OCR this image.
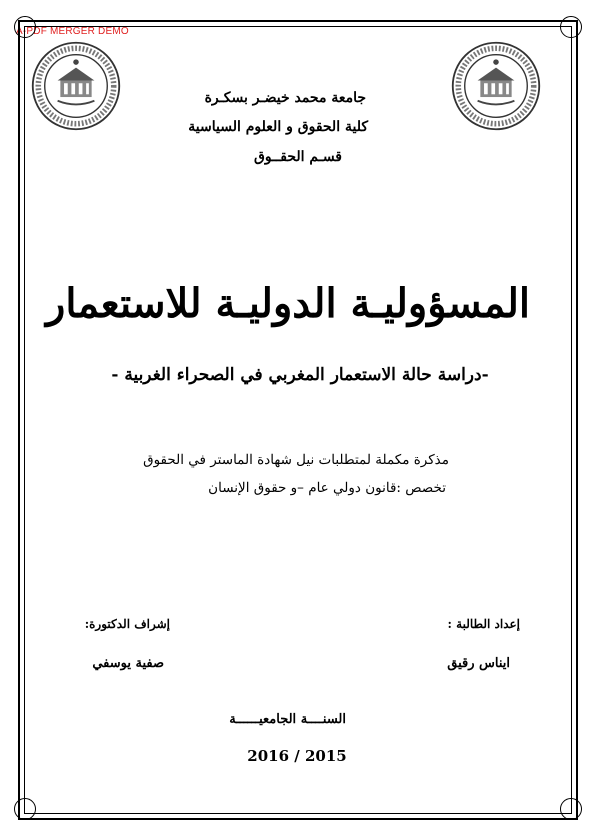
A-PDF MERGER DEMO
جامعة محمد خيضـر بسكـرة
كلية الحقوق و العلوم السياسية
قسـم الحقــوق
المسؤوليـة الدوليـة للاستعمار
-دراسة حالة الاستعمار المغربي في الصحراء الغربية -
مذكرة مكملة لمتطلبات نيل شهادة الماستر في الحقوق
تخصص :قانون دولي عام –و حقوق الإنسان
إعداد الطالبة :
إشراف الدكتورة:
ايناس رقيق
صفية يوسفي
السنــــة الجامعيــــــة
2016 / 2015
